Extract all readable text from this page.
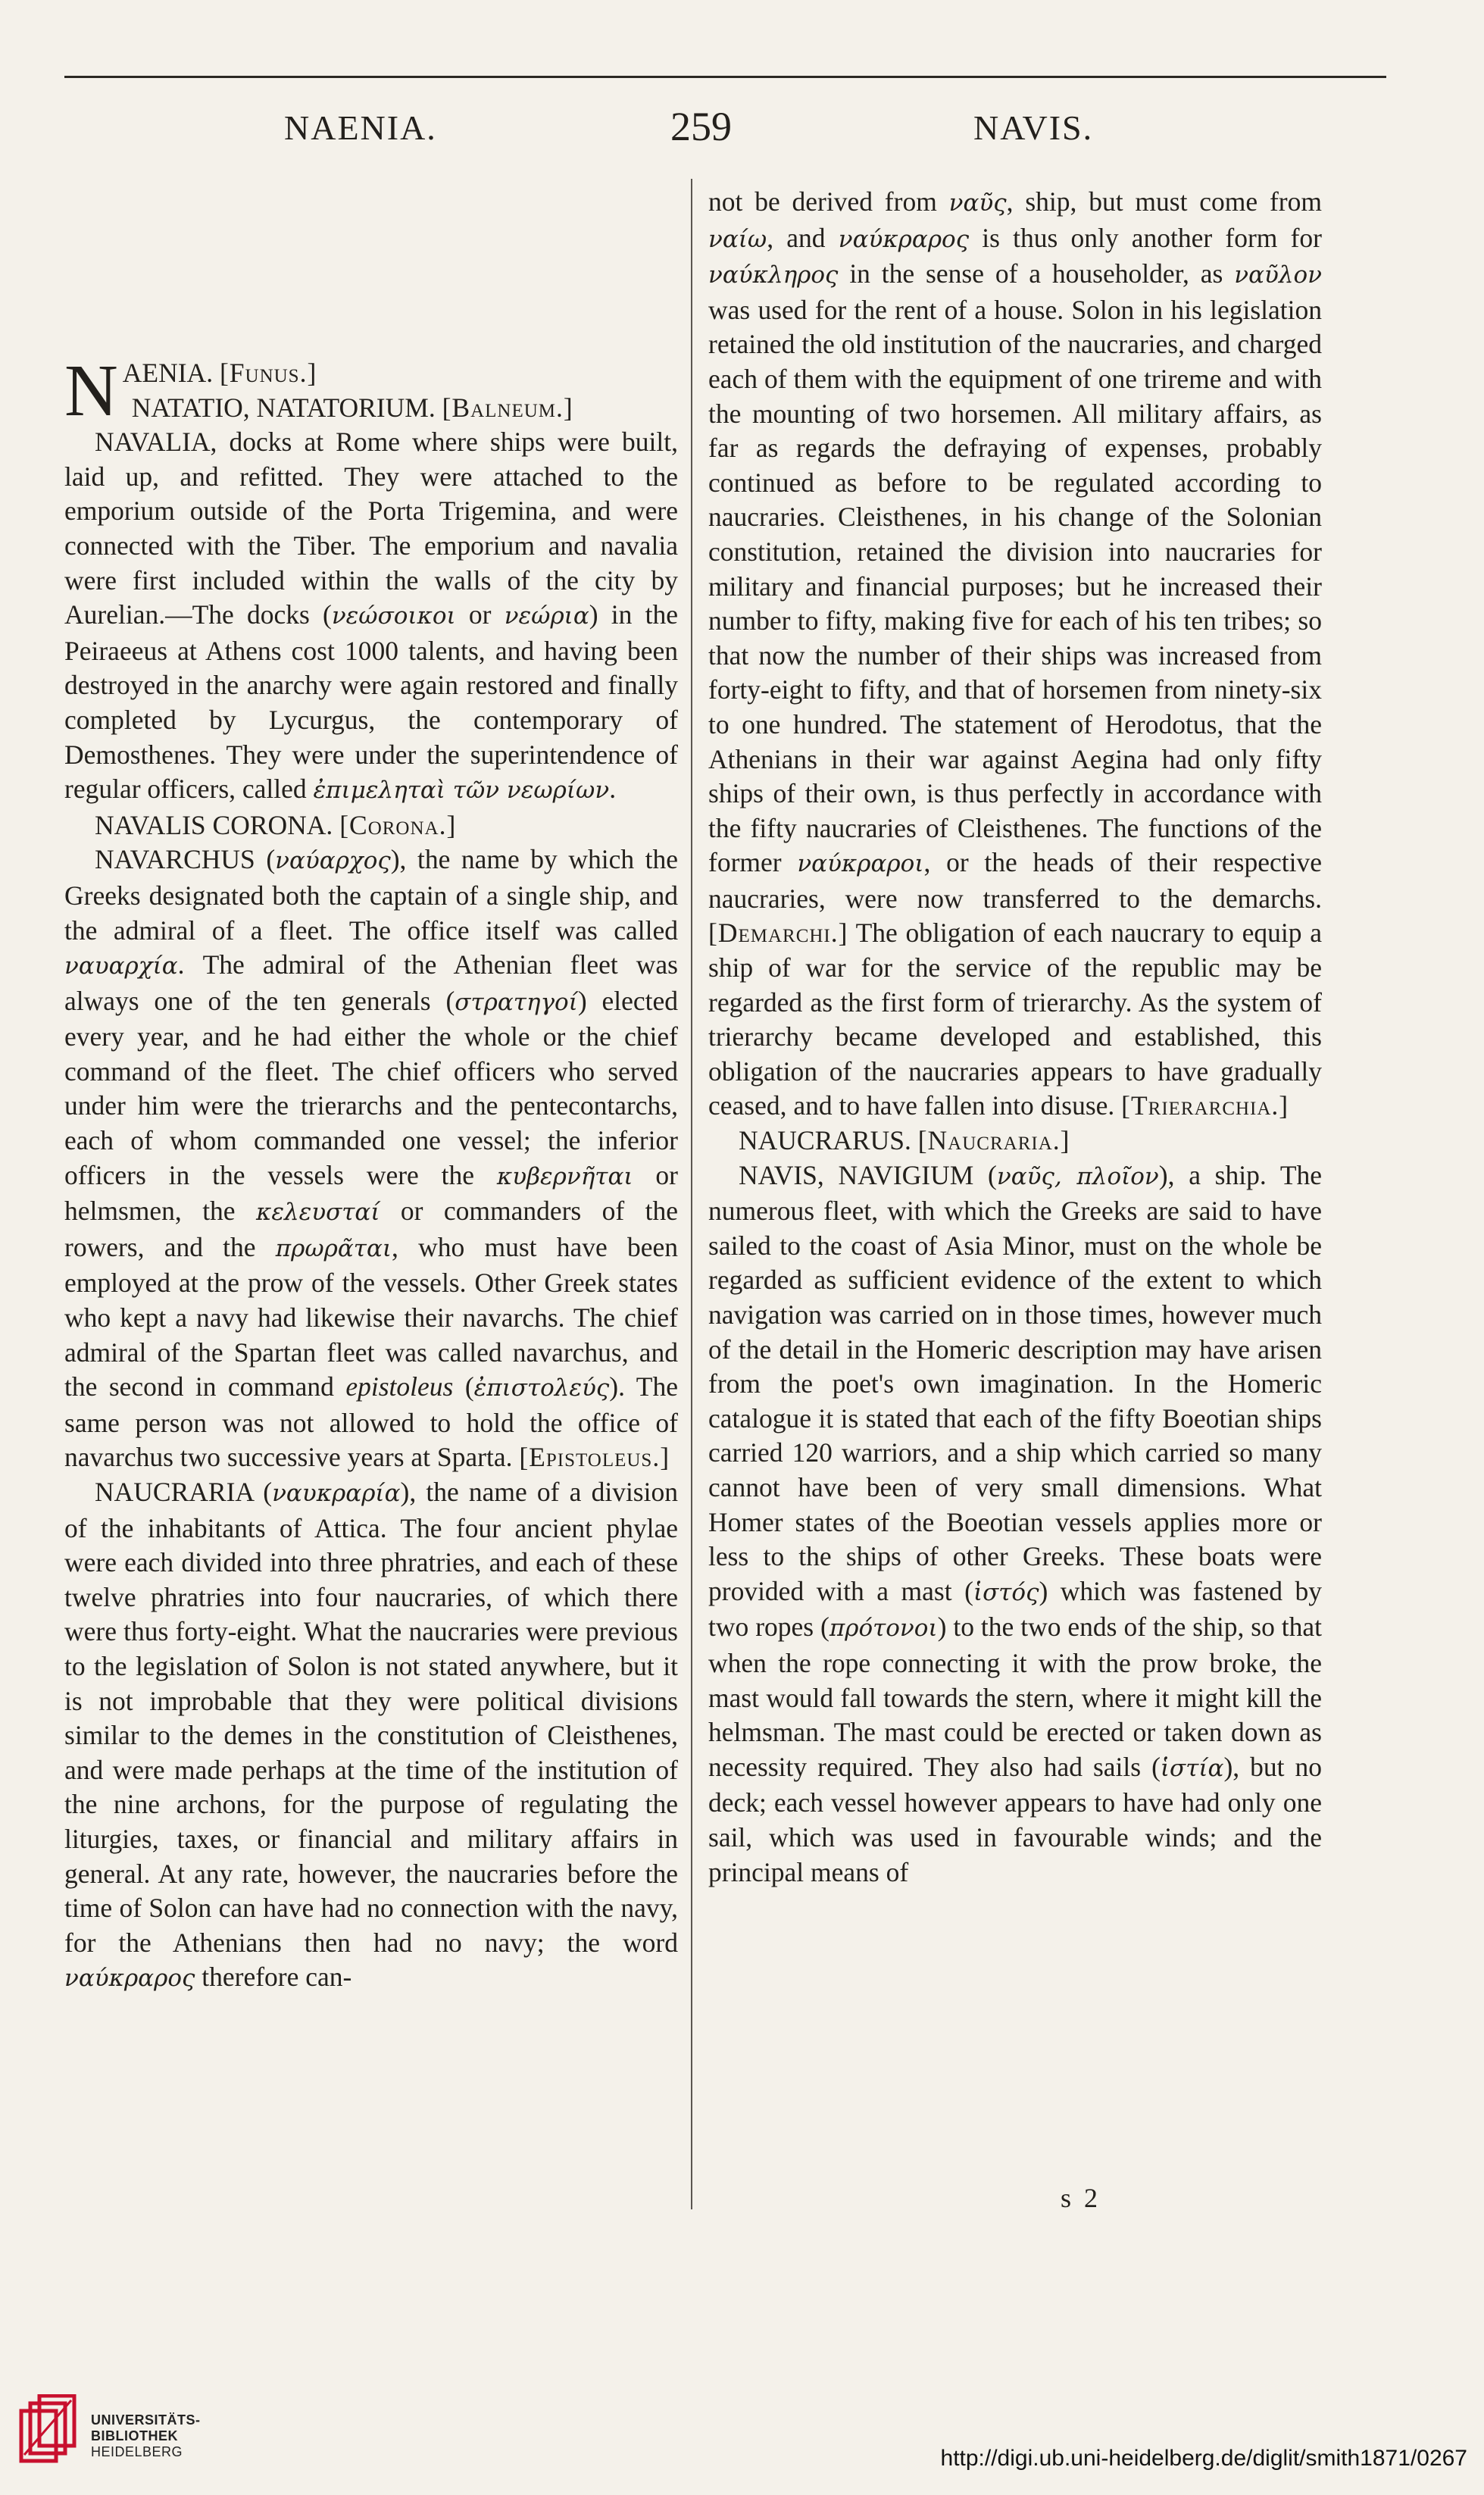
NAENIA.	259	NAVIS.

NAENIA. [Funus.]

NATATIO, NATATORIUM. [Balneum.]

NAVALIA, docks at Rome where ships were built, laid up, and refitted. They were attached to the emporium outside of the Porta Trigemina, and were connected with the Tiber. The emporium and navalia were first included within the walls of the city by Aurelian.—The docks (νεώσοικοι or νεώρια) in the Peiraeeus at Athens cost 1000 talents, and having been destroyed in the anarchy were again restored and finally completed by Lycurgus, the contemporary of Demosthenes. They were under the superintendence of regular officers, called ἐπιμεληταὶ τῶν νεωρίων.

NAVALIS CORONA. [Corona.]

NAVARCHUS (ναύαρχος), the name by which the Greeks designated both the captain of a single ship, and the admiral of a fleet. The office itself was called ναυαρχία. The admiral of the Athenian fleet was always one of the ten generals (στρατηγοί) elected every year, and he had either the whole or the chief command of the fleet. The chief officers who served under him were the trierarchs and the pentecontarchs, each of whom commanded one vessel; the inferior officers in the vessels were the κυβερνῆται or helmsmen, the κελευσταί or commanders of the rowers, and the πρωρᾶται, who must have been employed at the prow of the vessels. Other Greek states who kept a navy had likewise their navarchs. The chief admiral of the Spartan fleet was called navarchus, and the second in command epistoleus (ἐπιστολεύς). The same person was not allowed to hold the office of navarchus two successive years at Sparta. [Epistoleus.]

NAUCRARIA (ναυκραρία), the name of a division of the inhabitants of Attica. The four ancient phylae were each divided into three phratries, and each of these twelve phratries into four naucraries, of which there were thus forty-eight. What the naucraries were previous to the legislation of Solon is not stated anywhere, but it is not improbable that they were political divisions similar to the demes in the constitution of Cleisthenes, and were made perhaps at the time of the institution of the nine archons, for the purpose of regulating the liturgies, taxes, or financial and military affairs in general. At any rate, however, the naucraries before the time of Solon can have had no connection with the navy, for the Athenians then had no navy; the word ναύκραρος therefore can-

not be derived from ναῦς, ship, but must come from ναίω, and ναύκραρος is thus only another form for ναύκληρος in the sense of a householder, as ναῦλον was used for the rent of a house. Solon in his legislation retained the old institution of the naucraries, and charged each of them with the equipment of one trireme and with the mounting of two horsemen. All military affairs, as far as regards the defraying of expenses, probably continued as before to be regulated according to naucraries. Cleisthenes, in his change of the Solonian constitution, retained the division into naucraries for military and financial purposes; but he increased their number to fifty, making five for each of his ten tribes; so that now the number of their ships was increased from forty-eight to fifty, and that of horsemen from ninety-six to one hundred. The statement of Herodotus, that the Athenians in their war against Aegina had only fifty ships of their own, is thus perfectly in accordance with the fifty naucraries of Cleisthenes. The functions of the former ναύκραροι, or the heads of their respective naucraries, were now transferred to the demarchs. [Demarchi.] The obligation of each naucrary to equip a ship of war for the service of the republic may be regarded as the first form of trierarchy. As the system of trierarchy became developed and established, this obligation of the naucraries appears to have gradually ceased, and to have fallen into disuse. [Trierarchia.]

NAUCRARUS. [Naucraria.]

NAVIS, NAVIGIUM (ναῦς, πλοῖον), a ship. The numerous fleet, with which the Greeks are said to have sailed to the coast of Asia Minor, must on the whole be regarded as sufficient evidence of the extent to which navigation was carried on in those times, however much of the detail in the Homeric description may have arisen from the poet's own imagination. In the Homeric catalogue it is stated that each of the fifty Boeotian ships carried 120 warriors, and a ship which carried so many cannot have been of very small dimensions. What Homer states of the Boeotian vessels applies more or less to the ships of other Greeks. These boats were provided with a mast (ἱστός) which was fastened by two ropes (πρότονοι) to the two ends of the ship, so that when the rope connecting it with the prow broke, the mast would fall towards the stern, where it might kill the helmsman. The mast could be erected or taken down as necessity required. They also had sails (ἱστία), but no deck; each vessel however appears to have had only one sail, which was used in favourable winds; and the principal means of

s 2
UNIVERSITÄTS-
BIBLIOTHEK
HEIDELBERG	http://digi.ub.uni-heidelberg.de/diglit/smith1871/0267
